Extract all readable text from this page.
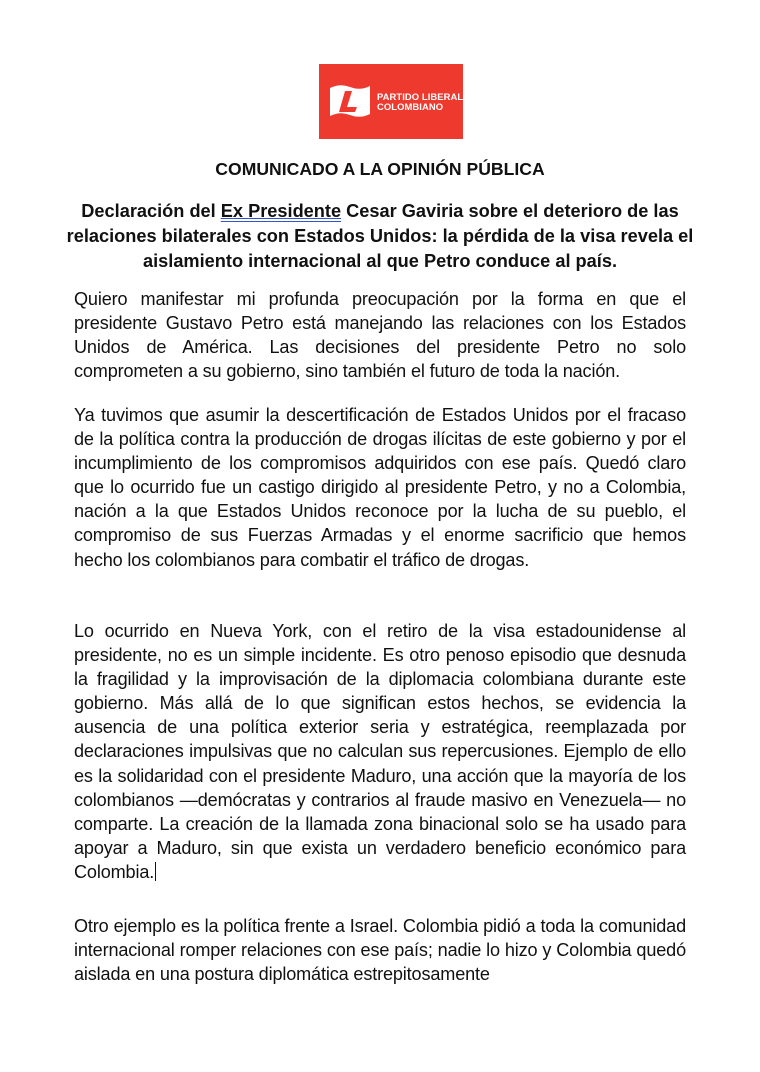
PARTIDO LIBERAL
COLOMBIANO
COMUNICADO A LA OPINIÓN PÚBLICA
Declaración del Ex Presidente Cesar Gaviria sobre el deterioro de las relaciones bilaterales con Estados Unidos: la pérdida de la visa revela el aislamiento internacional al que Petro conduce al país.
Quiero manifestar mi profunda preocupación por la forma en que el presidente Gustavo Petro está manejando las relaciones con los Estados Unidos de América. Las decisiones del presidente Petro no solo comprometen a su gobierno, sino también el futuro de toda la nación.
Ya tuvimos que asumir la descertificación de Estados Unidos por el fracaso de la política contra la producción de drogas ilícitas de este gobierno y por el incumplimiento de los compromisos adquiridos con ese país. Quedó claro que lo ocurrido fue un castigo dirigido al presidente Petro, y no a Colombia, nación a la que Estados Unidos reconoce por la lucha de su pueblo, el compromiso de sus Fuerzas Armadas y el enorme sacrificio que hemos hecho los colombianos para combatir el tráfico de drogas.
Lo ocurrido en Nueva York, con el retiro de la visa estadounidense al presidente, no es un simple incidente. Es otro penoso episodio que desnuda la fragilidad y la improvisación de la diplomacia colombiana durante este gobierno. Más allá de lo que significan estos hechos, se evidencia la ausencia de una política exterior seria y estratégica, reemplazada por declaraciones impulsivas que no calculan sus repercusiones. Ejemplo de ello es la solidaridad con el presidente Maduro, una acción que la mayoría de los colombianos —demócratas y contrarios al fraude masivo en Venezuela— no comparte. La creación de la llamada zona binacional solo se ha usado para apoyar a Maduro, sin que exista un verdadero beneficio económico para Colombia.
Otro ejemplo es la política frente a Israel. Colombia pidió a toda la comunidad internacional romper relaciones con ese país; nadie lo hizo y Colombia quedó aislada en una postura diplomática estrepitosamente
